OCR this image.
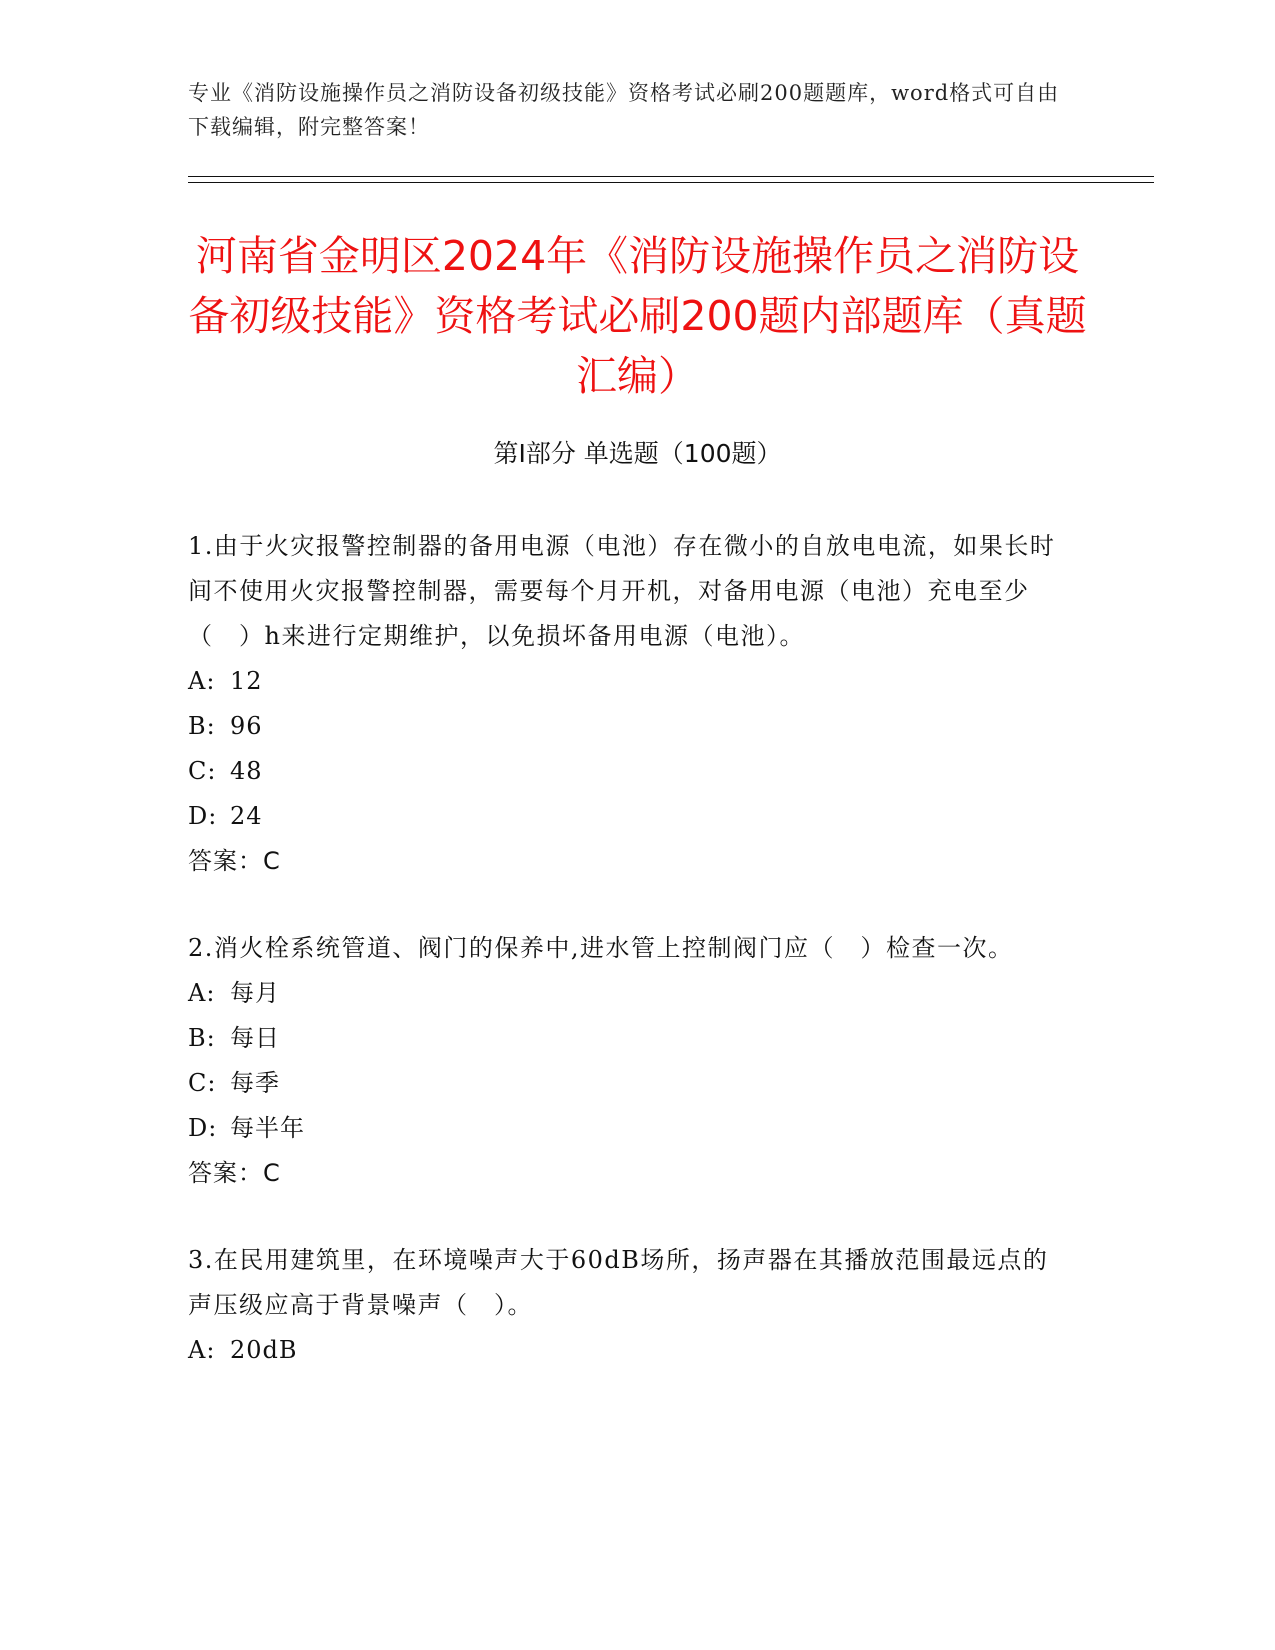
专业《消防设施操作员之消防设备初级技能》资格考试必刷200题题库，word格式可自由下载编辑，附完整答案！
河南省金明区2024年《消防设施操作员之消防设备初级技能》资格考试必刷200题内部题库（真题汇编）
第Ⅰ部分 单选题（100题）
1.由于火灾报警控制器的备用电源（电池）存在微小的自放电电流，如果长时间不使用火灾报警控制器，需要每个月开机，对备用电源（电池）充电至少（　）h来进行定期维护，以免损坏备用电源（电池）。
A: 12
B: 96
C: 48
D: 24
答案：C
2.消火栓系统管道、阀门的保养中,进水管上控制阀门应（　）检查一次。
A: 每月
B: 每日
C: 每季
D: 每半年
答案：C
3.在民用建筑里，在环境噪声大于60dB场所，扬声器在其播放范围最远点的声压级应高于背景噪声（　）。
A: 20dB
